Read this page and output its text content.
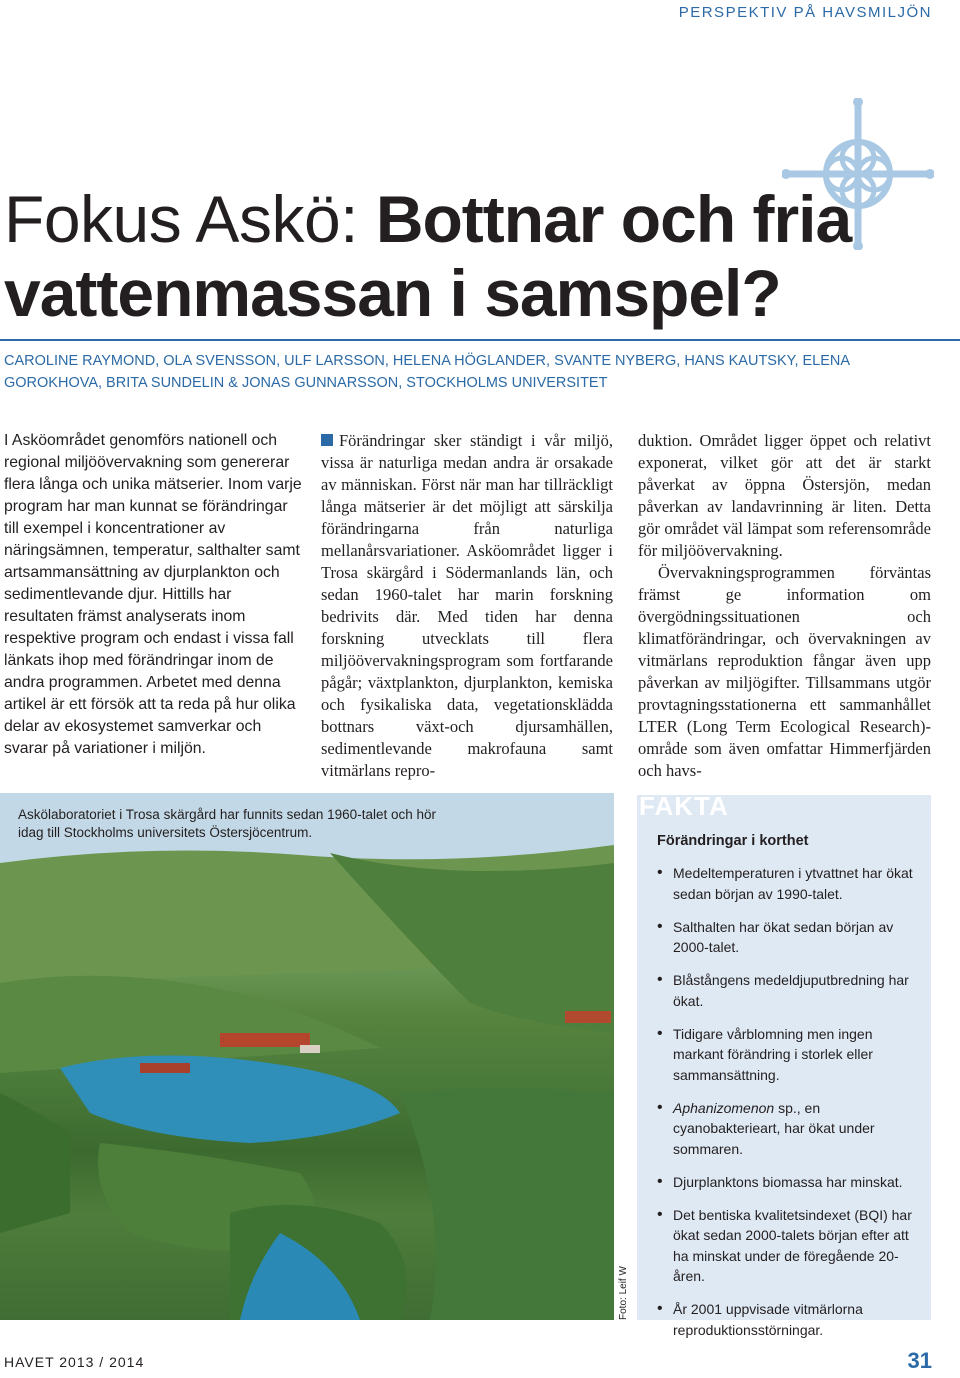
PERSPEKTIV PÅ HAVSMILJÖN
Fokus Askö: Bottnar och fria vattenmassan i samspel?
CAROLINE RAYMOND, OLA SVENSSON, ULF LARSSON, HELENA HÖGLANDER, SVANTE NYBERG, HANS KAUTSKY, ELENA GOROKHOVA, BRITA SUNDELIN & JONAS GUNNARSSON, STOCKHOLMS UNIVERSITET
I Asköområdet genomförs nationell och regional miljöövervakning som genererar flera långa och unika mätserier. Inom varje program har man kunnat se förändringar till exempel i koncentrationer av näringsämnen, temperatur, salthalter samt artsammansättning av djurplankton och sedimentlevande djur. Hittills har resultaten främst analyserats inom respektive program och endast i vissa fall länkats ihop med förändringar inom de andra programmen. Arbetet med denna artikel är ett försök att ta reda på hur olika delar av ekosystemet samverkar och svarar på variationer i miljön.
Förändringar sker ständigt i vår miljö, vissa är naturliga medan andra är orsakade av människan. Först när man har tillräckligt långa mätserier är det möjligt att särskilja förändringarna från naturliga mellanårsvariationer. Asköområdet ligger i Trosa skärgård i Södermanlands län, och sedan 1960-talet har marin forskning bedrivits där. Med tiden har denna forskning utvecklats till flera miljöövervakningsprogram som fortfarande pågår; växtplankton, djurplankton, kemiska och fysikaliska data, vegetationsklädda bottnars växt-och djursamhällen, sedimentlevande makrofauna samt vitmärlans repro-
duktion. Området ligger öppet och relativt exponerat, vilket gör att det är starkt påverkat av öppna Östersjön, medan påverkan av landavrinning är liten. Detta gör området väl lämpat som referensområde för miljöövervakning.
Övervakningsprogrammen förväntas främst ge information om övergödningssituationen och klimatförändringar, och övervakningen av vitmärlans reproduktion fångar även upp påverkan av miljögifter. Tillsammans utgör provtagningsstationerna ett sammanhållet LTER (Long Term Ecological Research)-område som även omfattar Himmerfjärden och havs-
Askölaboratoriet i Trosa skärgård har funnits sedan 1960-talet och hör idag till Stockholms universitets Östersjöcentrum.
Foto: Leif W
FAKTA
Förändringar i korthet
• Medeltemperaturen i ytvattnet har ökat sedan början av 1990-talet.
• Salthalten har ökat sedan början av 2000-talet.
• Blåstångens medeldjuputbredning har ökat.
• Tidigare vårblomning men ingen markant förändring i storlek eller sammansättning.
• Aphanizomenon sp., en cyanobakterieart, har ökat under sommaren.
• Djurplanktons biomassa har minskat.
• Det bentiska kvalitetsindexet (BQI) har ökat sedan 2000-talets början efter att ha minskat under de föregående 20-åren.
• År 2001 uppvisade vitmärlorna reproduktionsstörningar.
HAVET 2013 / 2014	31
